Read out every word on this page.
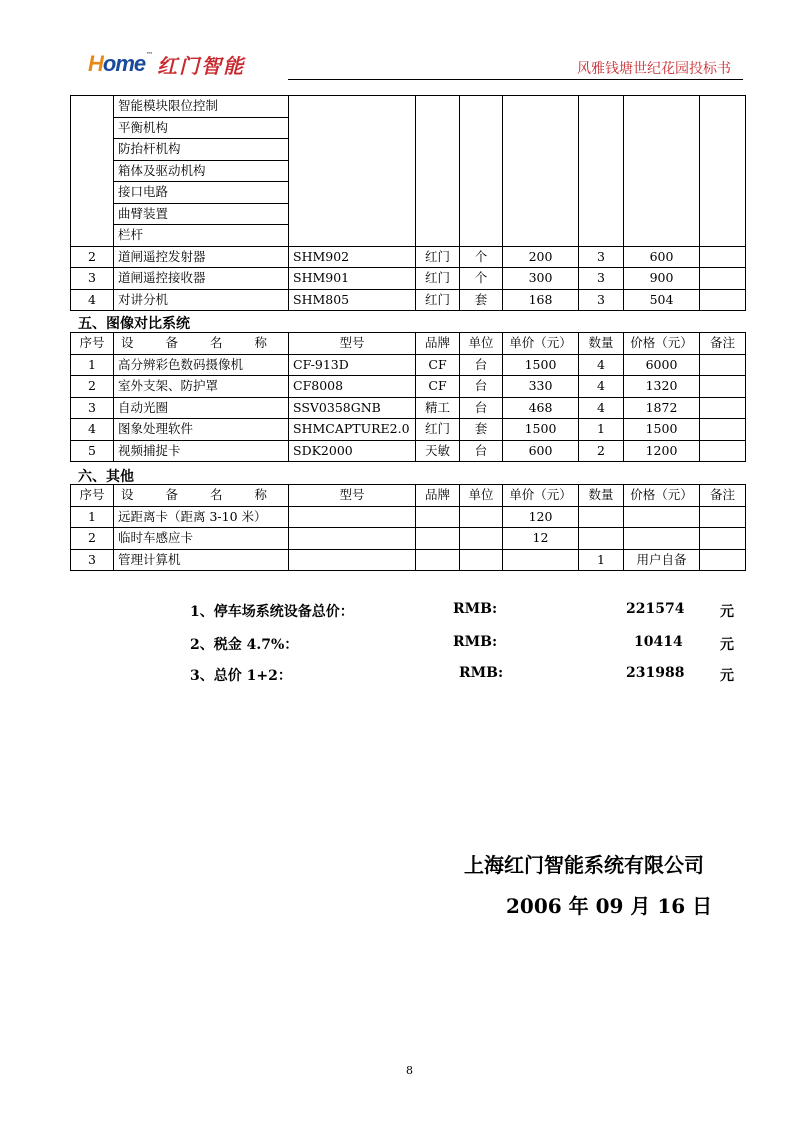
Home ™ 红门智能	风雅钱塘世纪花园投标书
	智能模块限位控制							
	平衡机构							
	防抬杆机构							
	箱体及驱动机构							
	接口电路							
	曲臂装置							
	栏杆							
2	道闸遥控发射器	SHM902	红门	个	200	3	600	
3	道闸遥控接收器	SHM901	红门	个	300	3	900	
4	对讲分机	SHM805	红门	套	168	3	504	
五、图像对比系统
序号	设 备 名 称	型号	品牌	单位	单价（元）	数量	价格（元）	备注
1	高分辨彩色数码摄像机	CF-913D	CF	台	1500	4	6000	
2	室外支架、防护罩	CF8008	CF	台	330	4	1320	
3	自动光圈	SSV0358GNB	精工	台	468	4	1872	
4	图象处理软件	SHMCAPTURE2.0	红门	套	1500	1	1500	
5	视频捕捉卡	SDK2000	天敏	台	600	2	1200	
六、其他
序号	设 备 名 称	型号	品牌	单位	单价（元）	数量	价格（元）	备注
1	远距离卡（距离 3-10 米）				120			
2	临时车感应卡				12			
3	管理计算机					1	用户自备	
1、停车场系统设备总价：	RMB:	221574	元
2、税金 4.7%：	RMB:	10414	元
3、总价 1+2：	RMB:	231988	元
上海红门智能系统有限公司
2006 年 09 月 16 日
8
